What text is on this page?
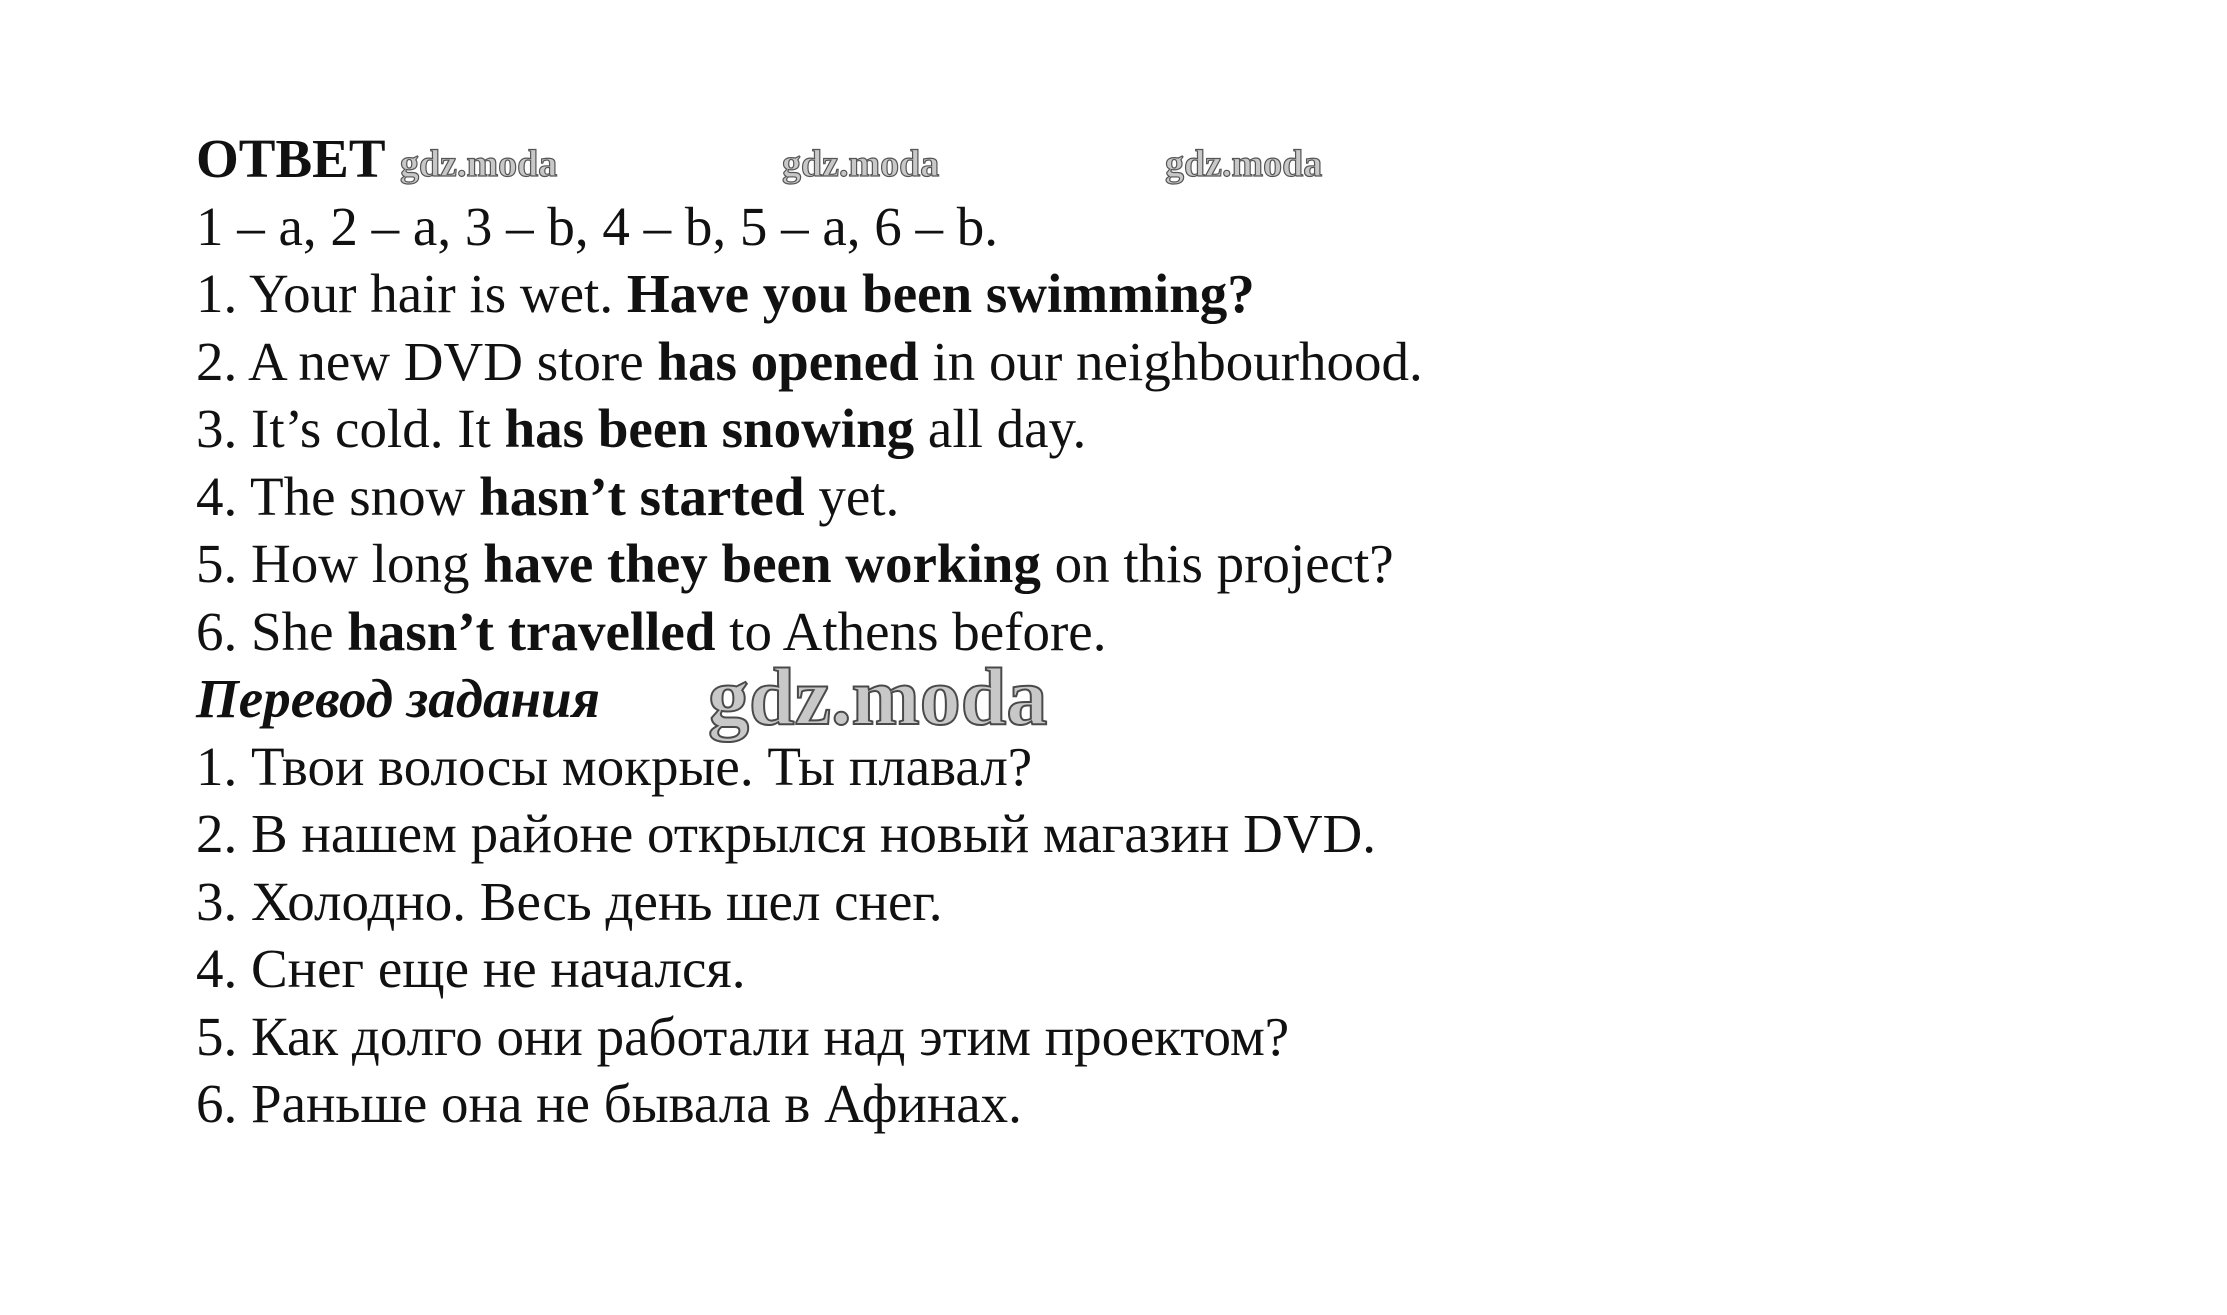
gdz.moda	gdz.moda	gdz.moda
gdz.moda
ОТВЕТ
1 – a, 2 – a, 3 – b, 4 – b, 5 – a, 6 – b.
1. Your hair is wet. Have you been swimming?
2. A new DVD store has opened in our neighbourhood.
3. It’s cold. It has been snowing all day.
4. The snow hasn’t started yet.
5. How long have they been working on this project?
6. She hasn’t travelled to Athens before.
Перевод задания
1. Твои волосы мокрые. Ты плавал?
2. В нашем районе открылся новый магазин DVD.
3. Холодно. Весь день шел снег.
4. Снег еще не начался.
5. Как долго они работали над этим проектом?
6. Раньше она не бывала в Афинах.
